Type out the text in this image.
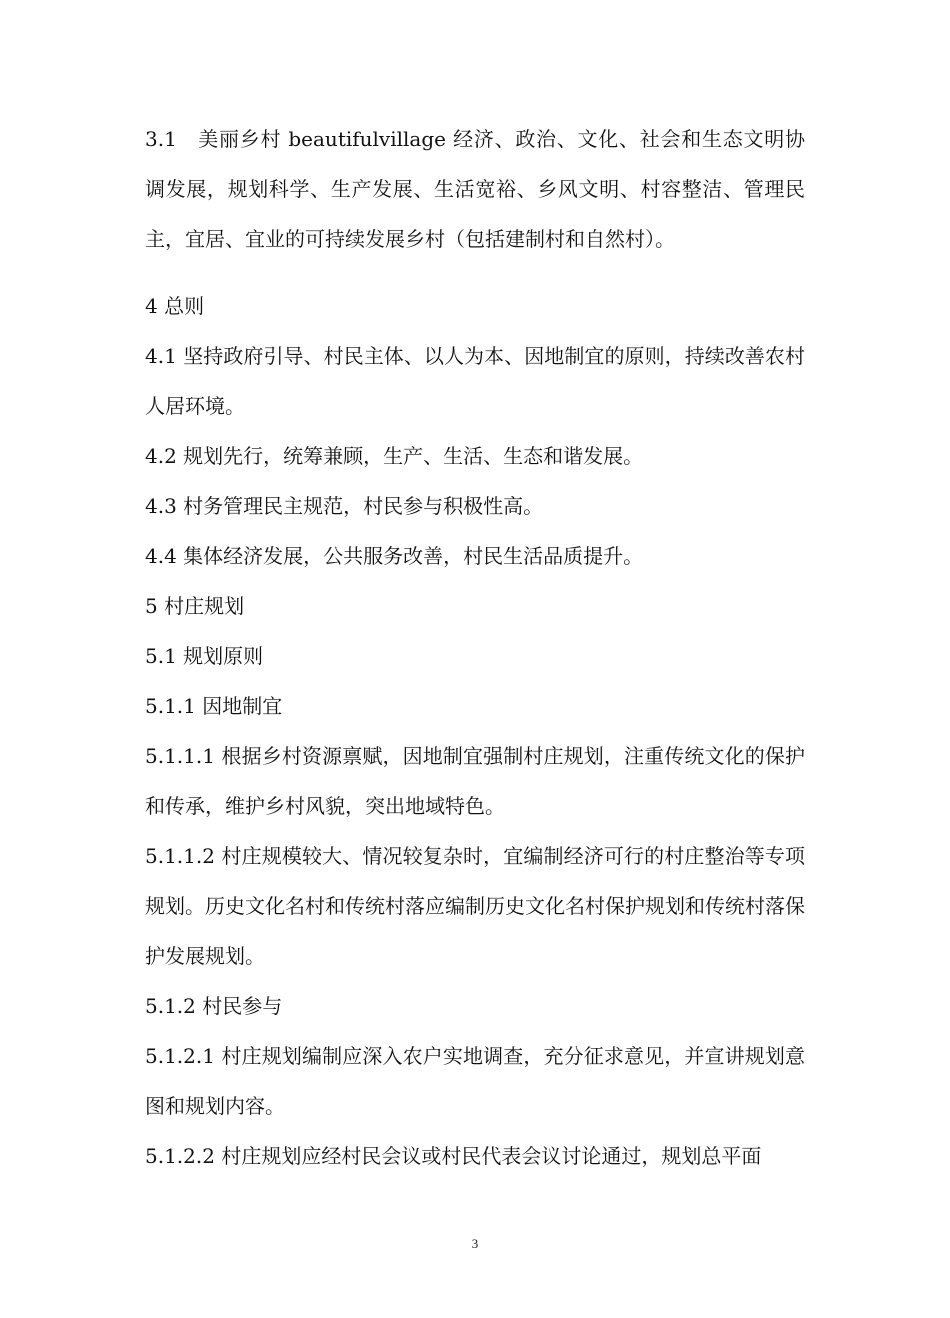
3.1　美丽乡村 beautifulvillage 经济、政治、文化、社会和生态文明协调发展，规划科学、生产发展、生活宽裕、乡风文明、村容整洁、管理民主，宜居、宜业的可持续发展乡村（包括建制村和自然村）。

4 总则

4.1 坚持政府引导、村民主体、以人为本、因地制宜的原则，持续改善农村人居环境。

4.2 规划先行，统筹兼顾，生产、生活、生态和谐发展。

4.3 村务管理民主规范，村民参与积极性高。

4.4 集体经济发展，公共服务改善，村民生活品质提升。

5 村庄规划

5.1 规划原则

5.1.1 因地制宜

5.1.1.1 根据乡村资源禀赋，因地制宜强制村庄规划，注重传统文化的保护和传承，维护乡村风貌，突出地域特色。

5.1.1.2 村庄规模较大、情况较复杂时，宜编制经济可行的村庄整治等专项规划。历史文化名村和传统村落应编制历史文化名村保护规划和传统村落保护发展规划。

5.1.2 村民参与

5.1.2.1 村庄规划编制应深入农户实地调查，充分征求意见，并宣讲规划意图和规划内容。

5.1.2.2 村庄规划应经村民会议或村民代表会议讨论通过，规划总平面

3
